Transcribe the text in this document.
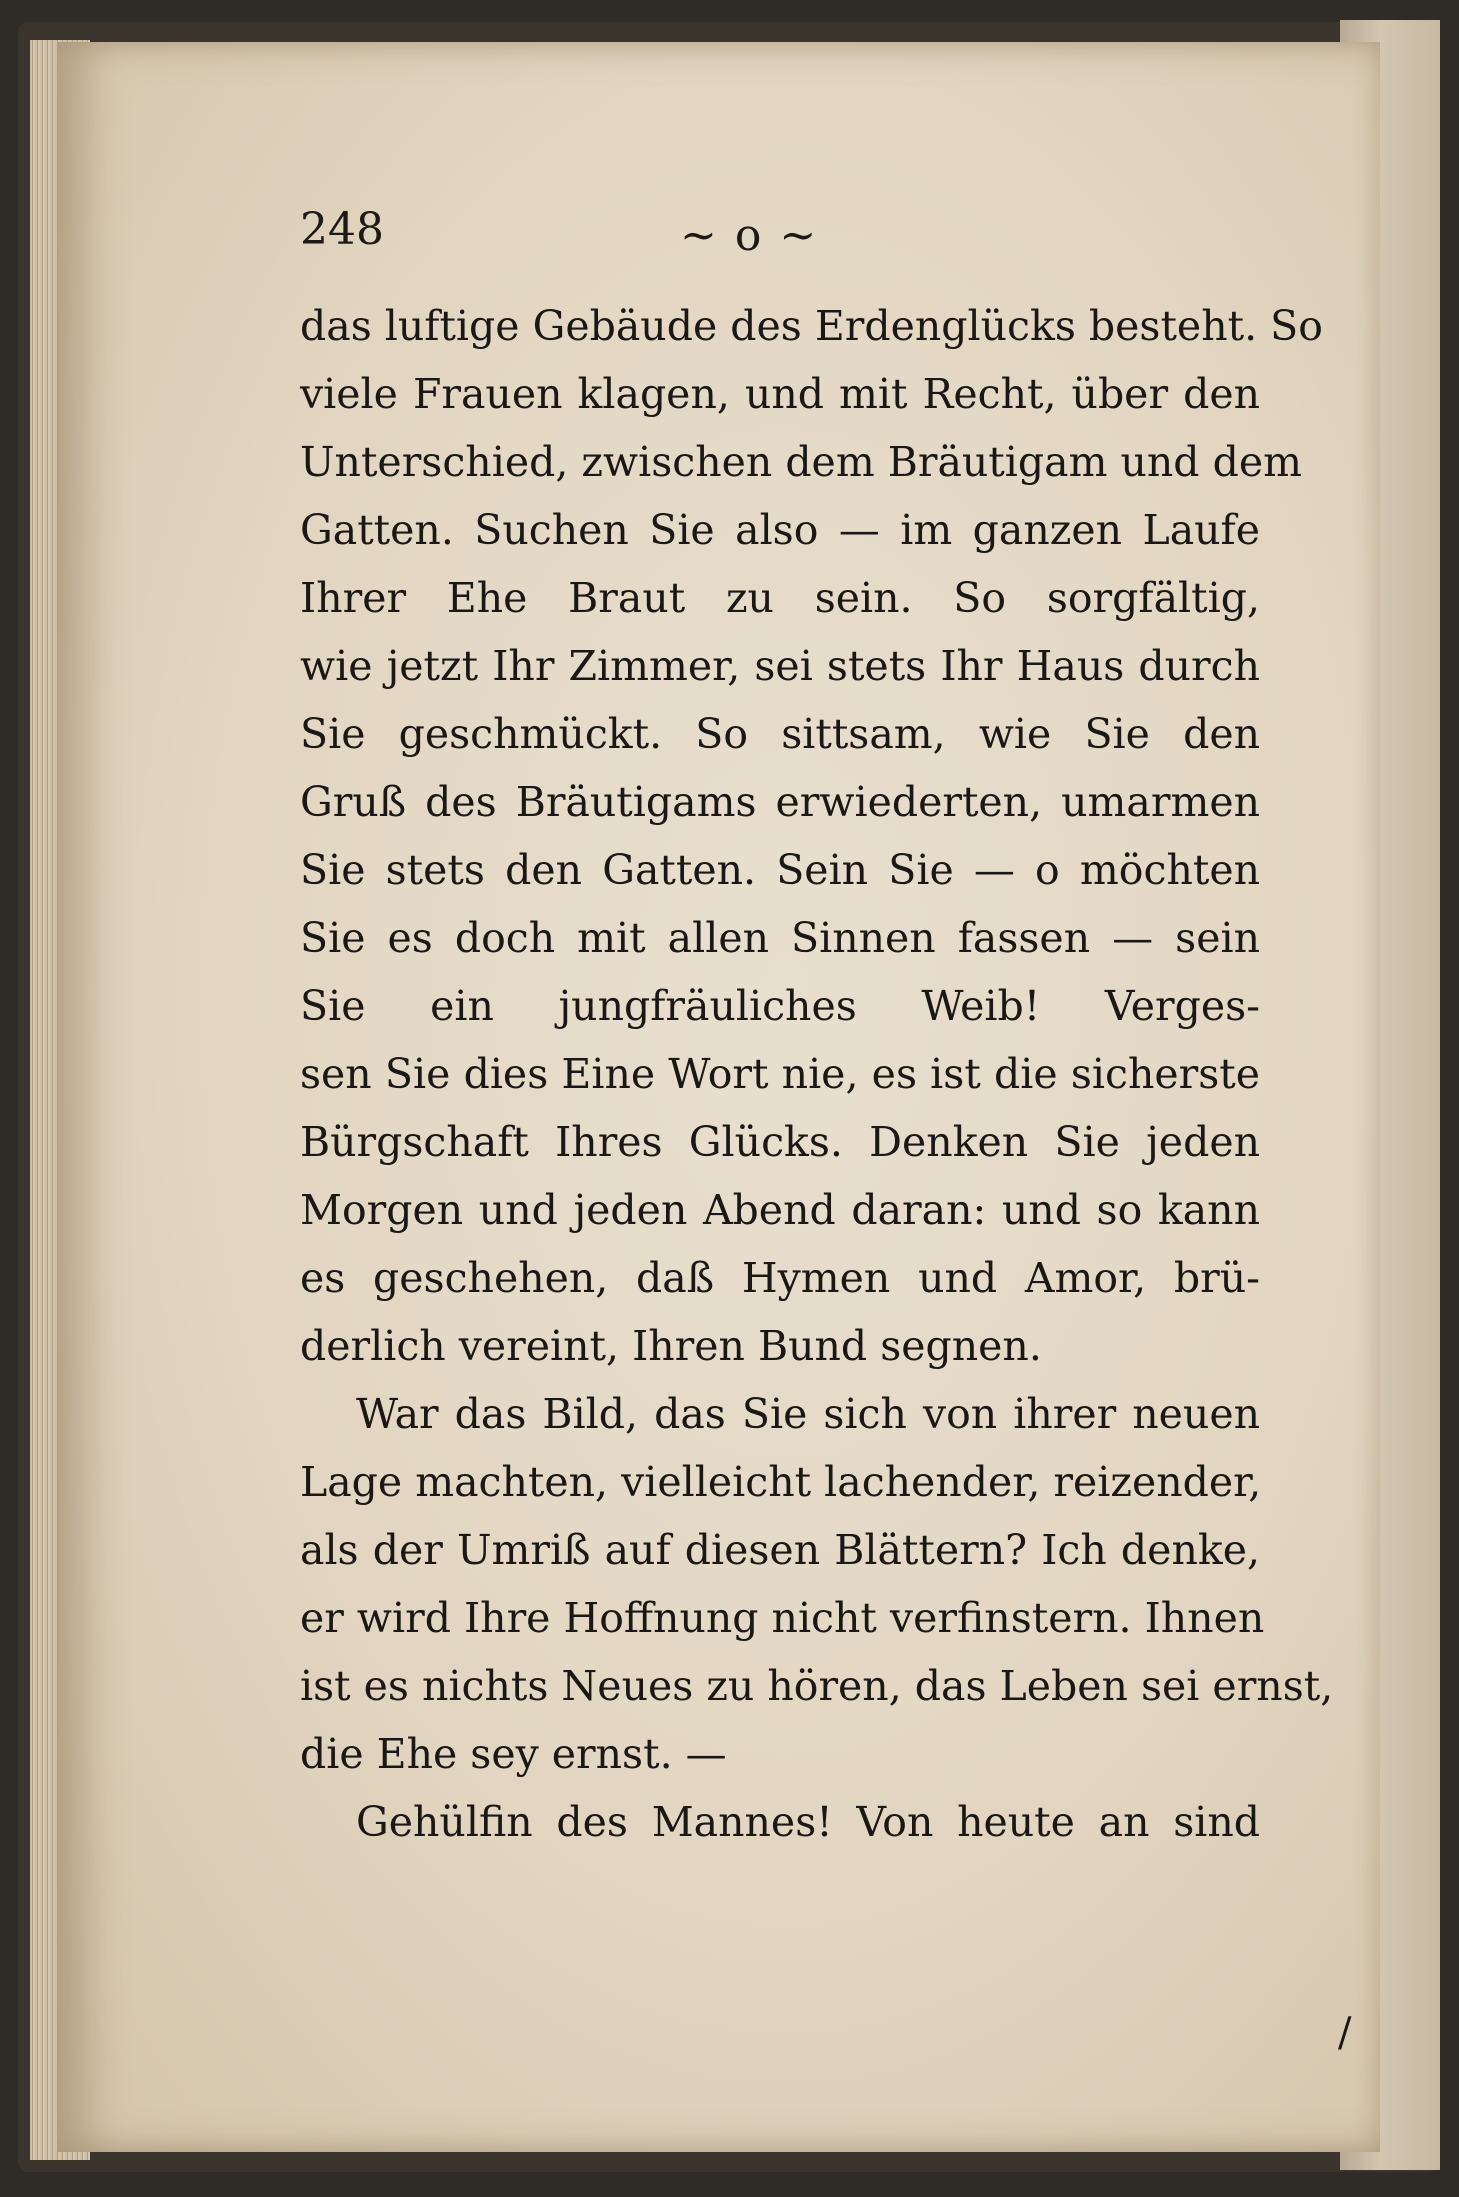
248	~ o ~
das luftige Gebäude des Erdenglücks besteht. So
viele Frauen klagen, und mit Recht, über den
Unterschied, zwischen dem Bräutigam und dem
Gatten. Suchen Sie also — im ganzen Laufe
Ihrer Ehe Braut zu sein. So sorgfältig,
wie jetzt Ihr Zimmer, sei stets Ihr Haus durch
Sie geschmückt. So sittsam, wie Sie den
Gruß des Bräutigams erwiederten, umarmen
Sie stets den Gatten. Sein Sie — o möchten
Sie es doch mit allen Sinnen fassen — sein
Sie ein jungfräuliches Weib! Verges-
sen Sie dies Eine Wort nie, es ist die sicherste
Bürgschaft Ihres Glücks. Denken Sie jeden
Morgen und jeden Abend daran: und so kann
es geschehen, daß Hymen und Amor, brü-
derlich vereint, Ihren Bund segnen.
War das Bild, das Sie sich von ihrer neuen
Lage machten, vielleicht lachender, reizender,
als der Umriß auf diesen Blättern? Ich denke,
er wird Ihre Hoffnung nicht verfinstern. Ihnen
ist es nichts Neues zu hören, das Leben sei ernst,
die Ehe sey ernst. —
Gehülfin des Mannes! Von heute an sind
/
